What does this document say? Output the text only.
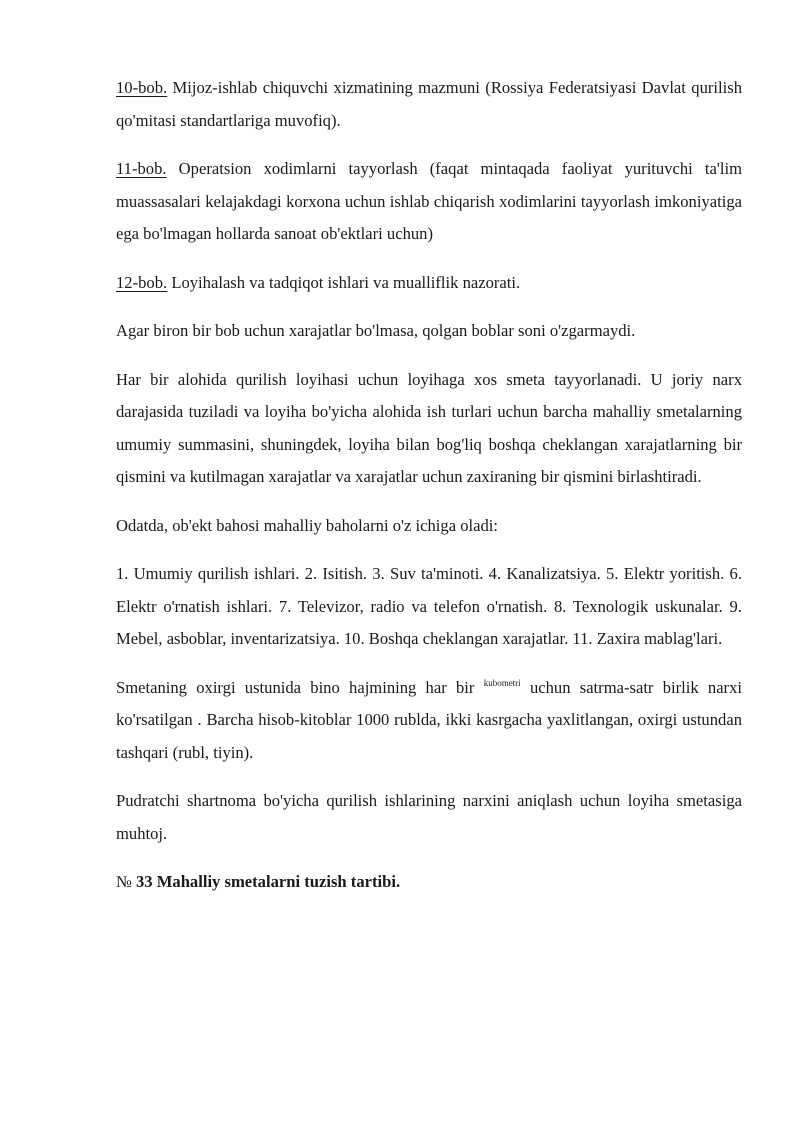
10-bob. Mijoz-ishlab chiquvchi xizmatining mazmuni (Rossiya Federatsiyasi Davlat qurilish qo'mitasi standartlariga muvofiq).

11-bob. Operatsion xodimlarni tayyorlash (faqat mintaqada faoliyat yurituvchi ta'lim muassasalari kelajakdagi korxona uchun ishlab chiqarish xodimlarini tayyorlash imkoniyatiga ega bo'lmagan hollarda sanoat ob'ektlari uchun)

12-bob. Loyihalash va tadqiqot ishlari va mualliflik nazorati.

Agar biron bir bob uchun xarajatlar bo'lmasa, qolgan boblar soni o'zgarmaydi.

Har bir alohida qurilish loyihasi uchun loyihaga xos smeta tayyorlanadi. U joriy narx darajasida tuziladi va loyiha bo'yicha alohida ish turlari uchun barcha mahalliy smetalarning umumiy summasini, shuningdek, loyiha bilan bog'liq boshqa cheklangan xarajatlarning bir qismini va kutilmagan xarajatlar va xarajatlar uchun zaxiraning bir qismini birlashtiradi.

Odatda, ob'ekt bahosi mahalliy baholarni o'z ichiga oladi:

1. Umumiy qurilish ishlari. 2. Isitish. 3. Suv ta'minoti. 4. Kanalizatsiya. 5. Elektr yoritish. 6. Elektr o'rnatish ishlari. 7. Televizor, radio va telefon o'rnatish. 8. Texnologik uskunalar. 9. Mebel, asboblar, inventarizatsiya. 10. Boshqa cheklangan xarajatlar. 11. Zaxira mablag'lari.

Smetaning oxirgi ustunida bino hajmining har bir $^{kubometri}$ uchun satrma-satr birlik narxi ko'rsatilgan . Barcha hisob-kitoblar 1000 rublda, ikki kasrgacha yaxlitlangan, oxirgi ustundan tashqari (rubl, tiyin).

Pudratchi shartnoma bo'yicha qurilish ishlarining narxini aniqlash uchun loyiha smetasiga muhtoj.

№ 33 Mahalliy smetalarni tuzish tartibi.
